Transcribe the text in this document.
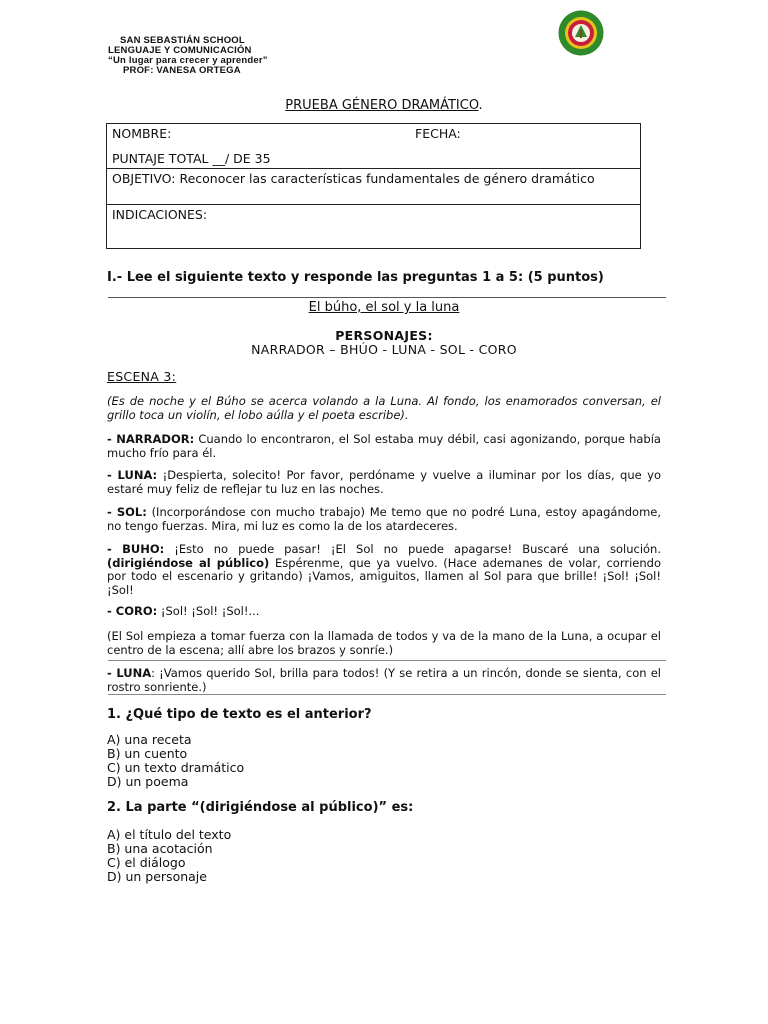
SAN SEBASTIÁN SCHOOL
LENGUAJE Y COMUNICACIÓN
“Un lugar para crecer y aprender”
PROF: VANESA ORTEGA
PRUEBA GÉNERO DRAMÁTICO.
NOMBRE:	FECHA:
PUNTAJE TOTAL __/ DE 35

OBJETIVO: Reconocer las características fundamentales de género dramático
INDICACIONES:
I.- Lee el siguiente texto y responde las preguntas 1 a 5: (5 puntos)
El búho, el sol y la luna
PERSONAJES:
NARRADOR – BHÚO - LUNA - SOL - CORO
ESCENA 3:
(Es de noche y el Búho se acerca volando a la Luna. Al fondo, los enamorados conversan, el grillo toca un violín, el lobo aúlla y el poeta escribe).
- NARRADOR: Cuando lo encontraron, el Sol estaba muy débil, casi agonizando, porque había mucho frío para él.
- LUNA: ¡Despierta, solecito! Por favor, perdóname y vuelve a iluminar por los días, que yo estaré muy feliz de reflejar tu luz en las noches.
- SOL: (Incorporándose con mucho trabajo) Me temo que no podré Luna, estoy apagándome, no tengo fuerzas. Mira, mi luz es como la de los atardeceres.
- BUHO: ¡Esto no puede pasar! ¡El Sol no puede apagarse! Buscaré una solución. (dirigiéndose al público) Espérenme, que ya vuelvo. (Hace ademanes de volar, corriendo por todo el escenario y gritando) ¡Vamos, amiguitos, llamen al Sol para que brille! ¡Sol! ¡Sol! ¡Sol!
- CORO: ¡Sol! ¡Sol! ¡Sol!...
(El Sol empieza a tomar fuerza con la llamada de todos y va de la mano de la Luna, a ocupar el centro de la escena; allí abre los brazos y sonríe.)
- LUNA: ¡Vamos querido Sol, brilla para todos! (Y se retira a un rincón, donde se sienta, con el rostro sonriente.)
1. ¿Qué tipo de texto es el anterior?
A) una receta
B) un cuento
C) un texto dramático
D) un poema
2. La parte “(dirigiéndose al público)” es:
A) el título del texto
B) una acotación
C) el diálogo
D) un personaje
